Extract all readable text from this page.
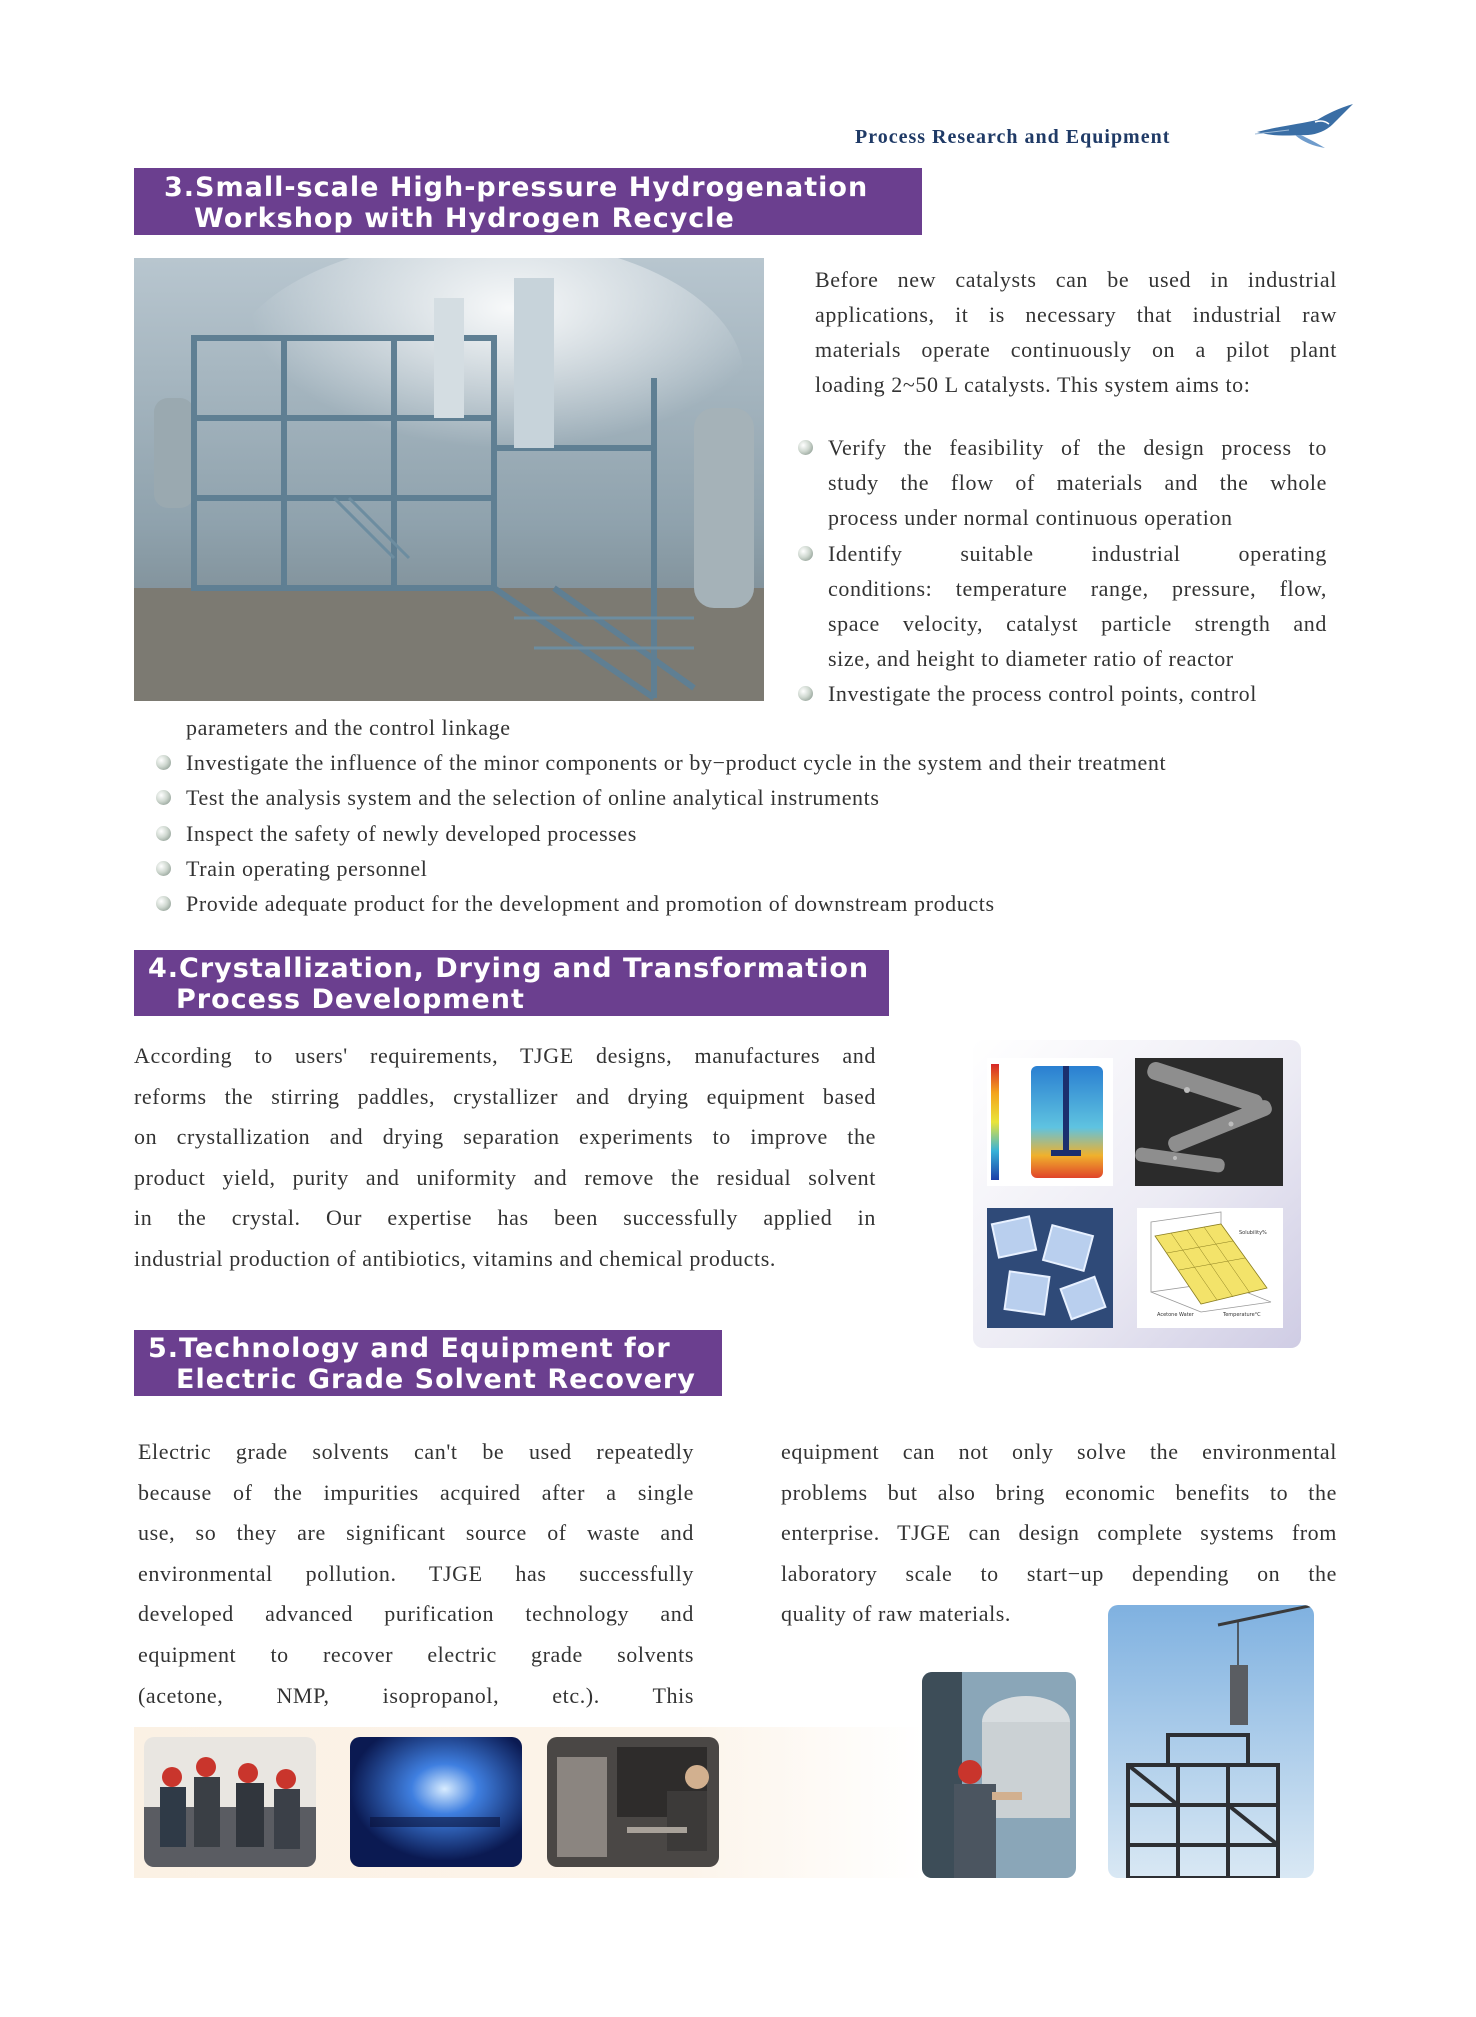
Process Research and Equipment
3.Small-scale High-pressure Hydrogenation
Workshop with Hydrogen Recycle

Before new catalysts can be used in industrial

applications, it is necessary that industrial raw

materials operate continuously on a pilot plant

loading 2~50 L catalysts. This system aims to:

Verify the feasibility of the design process to

study the flow of materials and the whole

process under normal continuous operation

Identify suitable industrial operating

conditions: temperature range, pressure, flow,

space velocity, catalyst particle strength and

size, and height to diameter ratio of reactor

Investigate the process control points, control

parameters and the control linkage
Investigate the influence of the minor components or by−product cycle in the system and their treatment
Test the analysis system and the selection of online analytical instruments
Inspect the safety of newly developed processes
Train operating personnel
Provide adequate product for the development and promotion of downstream products
4.Crystallization, Drying and Transformation
Process Development

According to users' requirements, TJGE designs, manufactures and

reforms the stirring paddles, crystallizer and drying equipment based

on crystallization and drying separation experiments to improve the

product yield, purity and uniformity and remove the residual solvent

in the crystal. Our expertise has been successfully applied in

industrial production of antibiotics, vitamins and chemical products.

Solubility%
Acetone Water	Temperature°C
5.Technology and Equipment for
Electric Grade Solvent Recovery

Electric grade solvents can't be used repeatedly

because of the impurities acquired after a single

use, so they are significant source of waste and

environmental pollution. TJGE has successfully

developed advanced purification technology and

equipment to recover electric grade solvents

(acetone, NMP, isopropanol, etc.). This

equipment can not only solve the environmental

problems but also bring economic benefits to the

enterprise. TJGE can design complete systems from

laboratory scale to start−up depending on the

quality of raw materials.
